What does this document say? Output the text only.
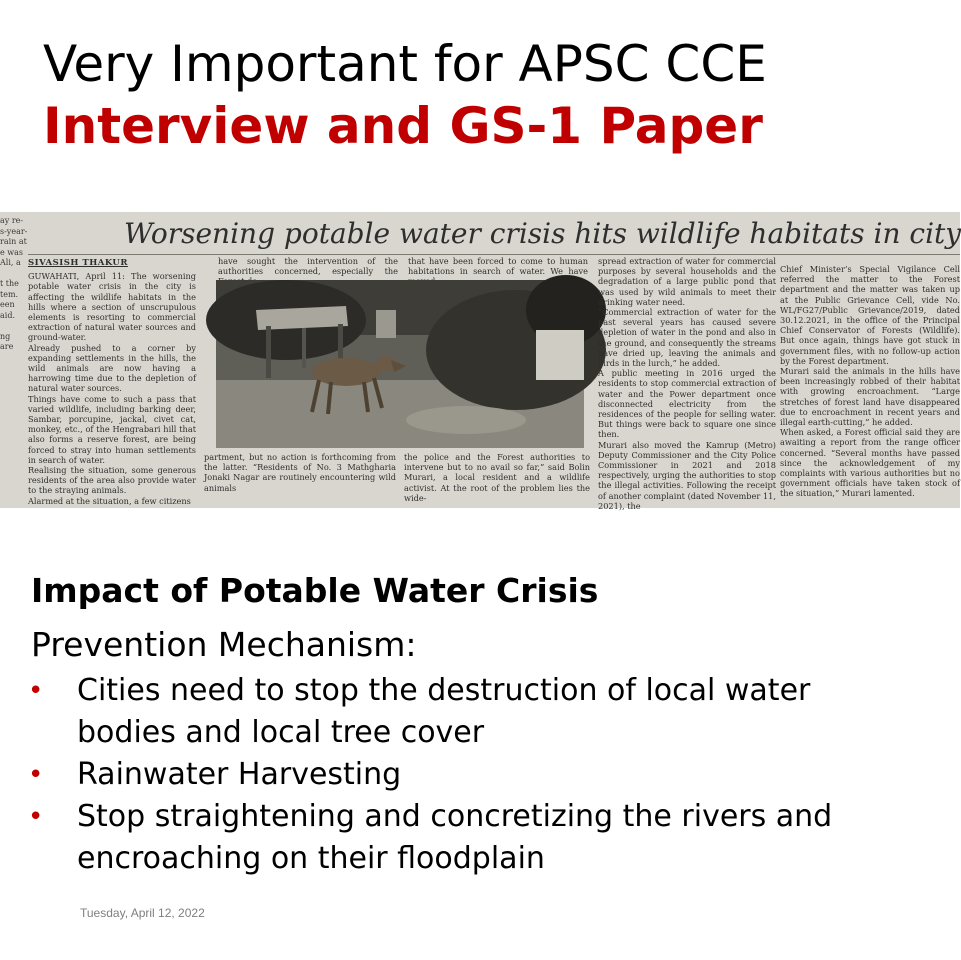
Very Important for APSC CCE
Interview and GS-1 Paper
ay re-
s-year-
rain at
e was
Ali, a

t the
tem.
een
aid.

ng
are
Worsening potable water crisis hits wildlife habitats in city

SIVASISH THAKUR

GUWAHATI, April 11: The worsening potable water crisis in the city is affecting the wildlife habitats in the hills where a section of unscrupulous elements is resorting to commercial extraction of natural water sources and ground-water.

Already pushed to a corner by expanding settlements in the hills, the wild animals are now having a harrowing time due to the depletion of natural water sources.

Things have come to such a pass that varied wildlife, including barking deer, Sambar, porcupine, jackal, civet cat, monkey, etc., of the Hengrabari hill that also forms a reserve forest, are being forced to stray into human settlements in search of water.

Realising the situation, some generous residents of the area also provide water to the straying animals.

Alarmed at the situation, a few citizens

have sought the intervention of the authorities concerned, especially the

that have been forced to come to human habitations in search of water. We have

partment, but no action is forthcoming from the latter. “Residents of No. 3 Mathgharia Jonaki Nagar are routinely encountering wild animals

the police and the Forest authorities to intervene but to no avail so far,” said Bolin Murari, a local resident and a wildlife activist. At the root of the problem lies the wide-

spread extraction of water for commercial purposes by several households and the degradation of a large public pond that was used by wild animals to meet their drinking water need.

“Commercial extraction of water for the past several years has caused severe depletion of water in the pond and also in the ground, and consequently the streams have dried up, leaving the animals and birds in the lurch,” he added.

A public meeting in 2016 urged the residents to stop commercial extraction of water and the Power department once disconnected electricity from the residences of the people for selling water. But things were back to square one since then.

Murari also moved the Kamrup (Metro) Deputy Commissioner and the City Police Commissioner in 2021 and 2018 respectively, urging the authorities to stop the illegal activities. Following the receipt of another complaint (dated November 11, 2021), the

Chief Minister’s Special Vigilance Cell referred the matter to the Forest department and the matter was taken up at the Public Grievance Cell, vide No. WL/FG27/Public Grievance/2019, dated 30.12.2021, in the office of the Principal Chief Conservator of Forests (Wildlife). But once again, things have got stuck in government files, with no follow-up action by the Forest department.

Murari said the animals in the hills have been increasingly robbed of their habitat with growing encroachment. “Large stretches of forest land have disappeared due to encroachment in recent years and illegal earth-cutting,” he added.

When asked, a Forest official said they are awaiting a report from the range officer concerned. “Several months have passed since the acknowledgement of my complaints with various authorities but no government officials have taken stock of the situation,” Murari lamented.

Impact of Potable Water Crisis
Prevention Mechanism:
• Cities need to stop the destruction of local water
bodies and local tree cover
• Rainwater Harvesting
• Stop straightening and concretizing the rivers and
encroaching on their floodplain
Tuesday, April 12, 2022
